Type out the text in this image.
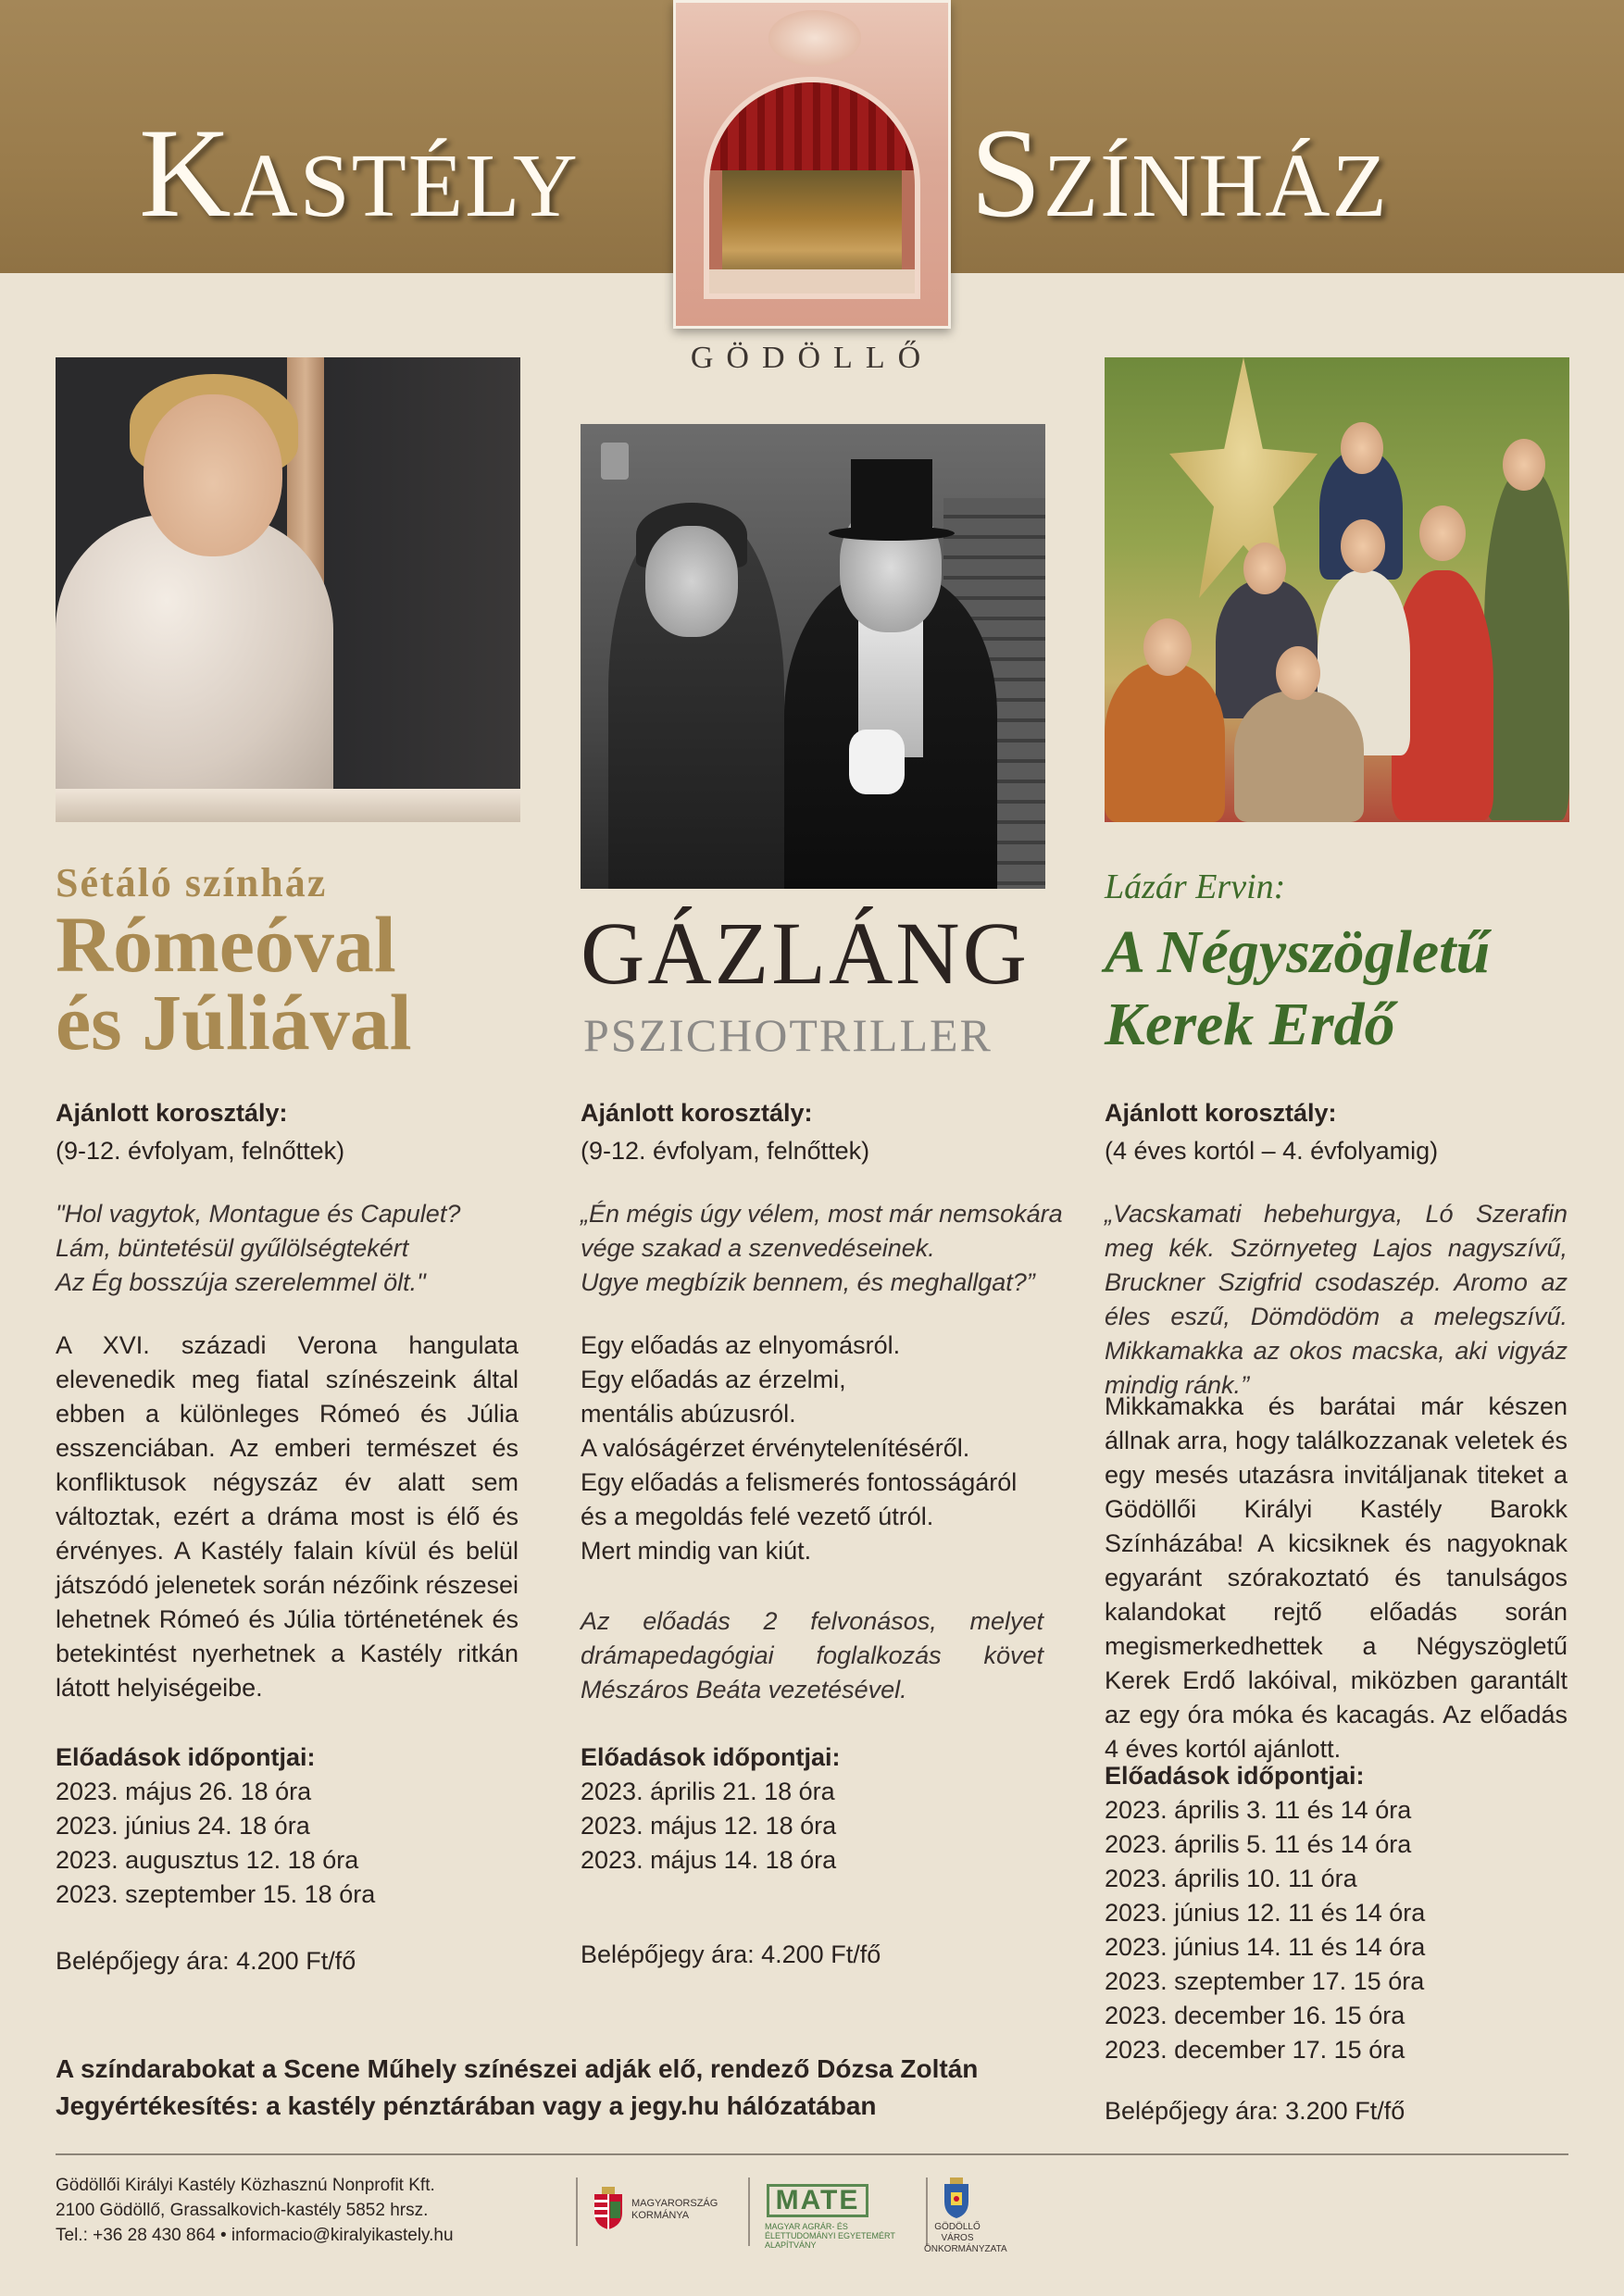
Kastély	Színház
GÖDÖLLŐ
Sétáló színház
Rómeóval
és Júliával
GÁZLÁNG
PSZICHOTRILLER
Lázár Ervin:
A Négyszögletű
Kerek Erdő
Ajánlott korosztály:
(9-12. évfolyam, felnőttek)
"Hol vagytok, Montague és Capulet?
Lám, büntetésül gyűlölségtekért
Az Ég bosszúja szerelemmel ölt."
A XVI. századi Verona hangulata elevenedik meg fiatal színészeink által ebben a különleges Rómeó és Júlia esszenciában. Az emberi természet és konfliktusok négyszáz év alatt sem változtak, ezért a dráma most is élő és érvényes. A Kastély falain kívül és belül játszódó jelenetek során nézőink részesei lehetnek Rómeó és Júlia történetének és betekintést nyerhetnek a Kastély ritkán látott helyiségeibe.
Előadások időpontjai:
2023. május 26. 18 óra
2023. június 24. 18 óra
2023. augusztus 12. 18 óra
2023. szeptember 15. 18 óra
Belépőjegy ára: 4.200 Ft/fő
Ajánlott korosztály:
(9-12. évfolyam, felnőttek)
„Én mégis úgy vélem, most már nemsokára
vége szakad a szenvedéseinek.
Ugye megbízik bennem, és meghallgat?”
Egy előadás az elnyomásról.
Egy előadás az érzelmi,
mentális abúzusról.
A valóságérzet érvénytelenítéséről.
Egy előadás a felismerés fontosságáról
és a megoldás felé vezető útról.
Mert mindig van kiút.
Az előadás 2 felvonásos, melyet drámapedagógiai foglalkozás követ Mészáros Beáta vezetésével.
Előadások időpontjai:
2023. április 21. 18 óra
2023. május 12. 18 óra
2023. május 14. 18 óra
Belépőjegy ára: 4.200 Ft/fő
Ajánlott korosztály:
(4 éves kortól – 4. évfolyamig)
„Vacskamati hebehurgya, Ló Szerafin meg kék. Szörnyeteg Lajos nagyszívű, Bruckner Szigfrid csodaszép. Aromo az éles eszű, Dömdödöm a melegszívű. Mikkamakka az okos macska, aki vigyáz mindig ránk.”
Mikkamakka és barátai már készen állnak arra, hogy találkozzanak veletek és egy mesés utazásra invitáljanak titeket a Gödöllői Királyi Kastély Barokk Színházába! A kicsiknek és nagyoknak egyaránt szórakoztató és tanulságos kalandokat rejtő előadás során megismerkedhettek a Négyszögletű Kerek Erdő lakóival, miközben garantált az egy óra móka és kacagás. Az előadás 4 éves kortól ajánlott.
Előadások időpontjai:
2023. április 3. 11 és 14 óra
2023. április 5. 11 és 14 óra
2023. április 10. 11 óra
2023. június 12. 11 és 14 óra
2023. június 14. 11 és 14 óra
2023. szeptember 17. 15 óra
2023. december 16. 15 óra
2023. december 17. 15 óra
Belépőjegy ára: 3.200 Ft/fő
A színdarabokat a Scene Műhely színészei adják elő, rendező Dózsa Zoltán
Jegyértékesítés: a kastély pénztárában vagy a jegy.hu hálózatában
Gödöllői Királyi Kastély Közhasznú Nonprofit Kft.
2100 Gödöllő, Grassalkovich-kastély 5852 hrsz.
Tel.: +36 28 430 864 • informacio@kiralyikastely.hu
MAGYARORSZÁG
KORMÁNYA	MATE
MAGYAR AGRÁR- ÉS
ÉLETTUDOMÁNYI EGYETEMÉRT
ALAPÍTVÁNY
GÖDÖLLŐ VÁROS
ÖNKORMÁNYZATA
